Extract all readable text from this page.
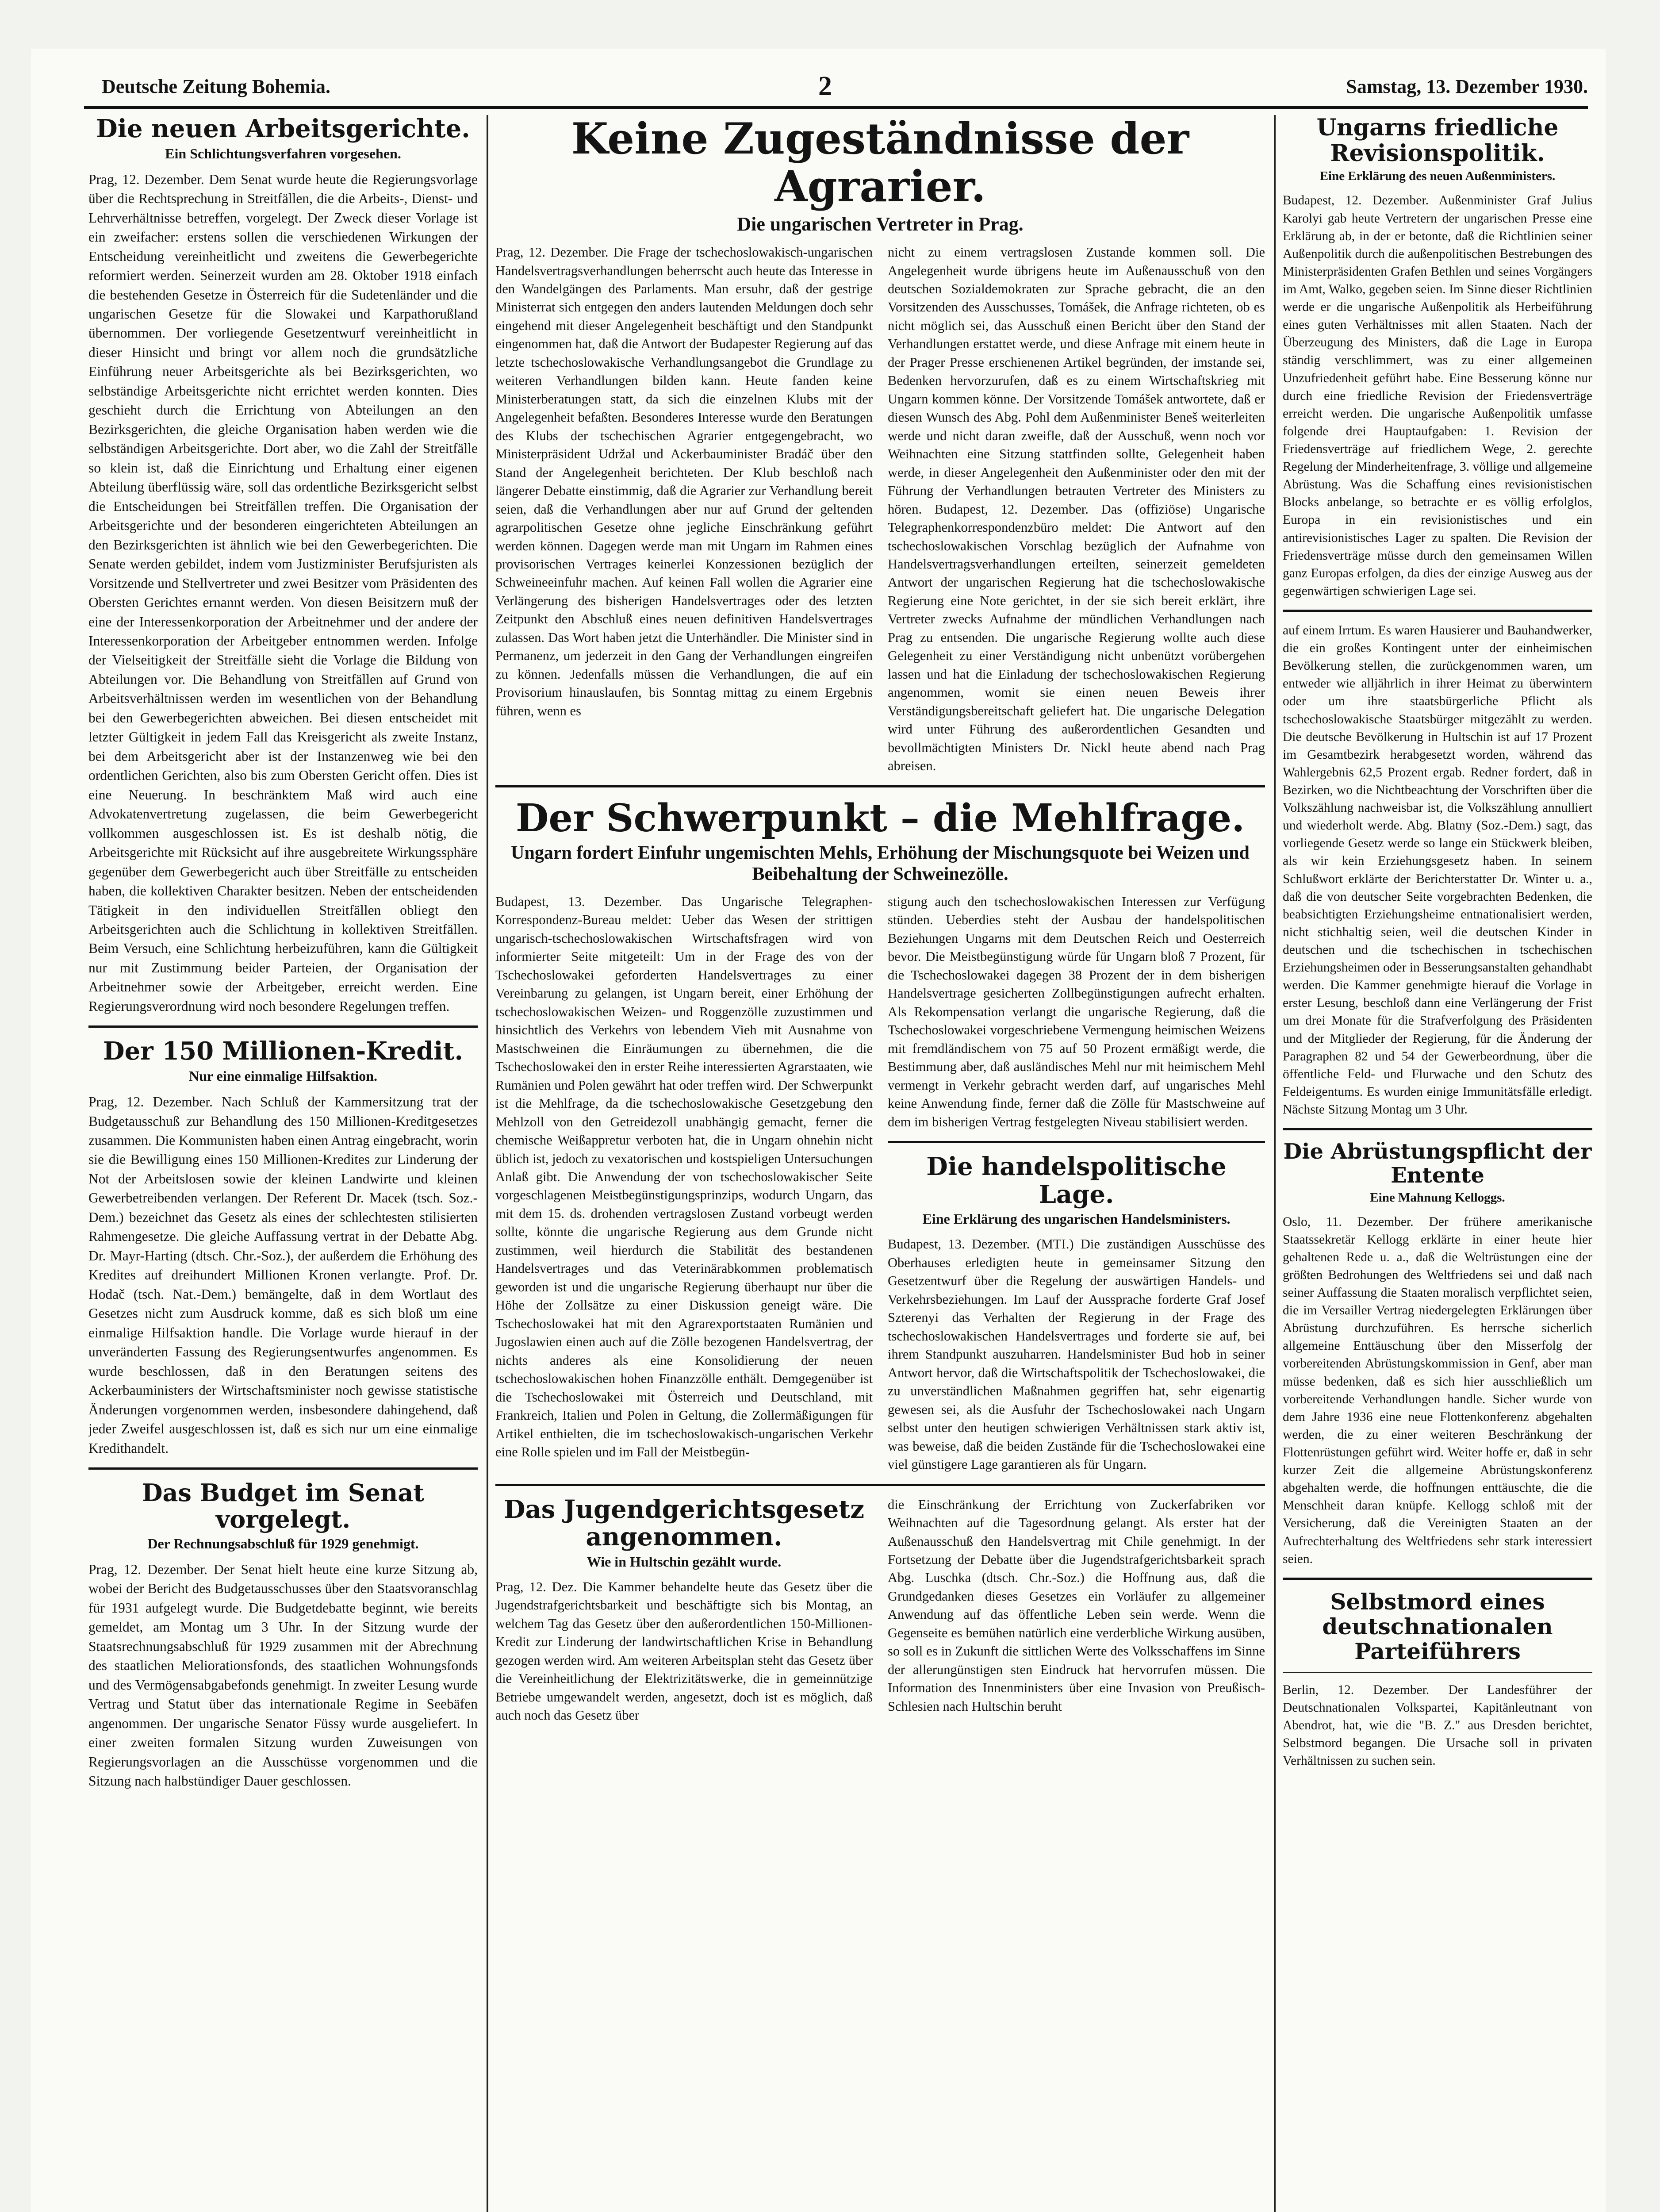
Deutsche Zeitung Bohemia.	2	Samstag, 13. Dezember 1930.
Die neuen Arbeitsgerichte.
Ein Schlichtungsverfahren vorgesehen.

Prag, 12. Dezember. Dem Senat wurde heute die Regierungsvorlage über die Rechtsprechung in Streitfällen, die die Arbeits-, Dienst- und Lehrverhältnisse betreffen, vorgelegt. Der Zweck dieser Vorlage ist ein zweifacher: erstens sollen die verschiedenen Wirkungen der Entscheidung vereinheitlicht und zweitens die Gewerbegerichte reformiert werden. Seinerzeit wurden am 28. Oktober 1918 einfach die bestehenden Gesetze in Österreich für die Sudetenländer und die ungarischen Gesetze für die Slowakei und Karpathorußland übernommen. Der vorliegende Gesetzentwurf vereinheitlicht in dieser Hinsicht und bringt vor allem noch die grundsätzliche Einführung neuer Arbeitsgerichte als bei Bezirksgerichten, wo selbständige Arbeitsgerichte nicht errichtet werden konnten. Dies geschieht durch die Errichtung von Abteilungen an den Bezirksgerichten, die gleiche Organisation haben werden wie die selbständigen Arbeitsgerichte. Dort aber, wo die Zahl der Streitfälle so klein ist, daß die Einrichtung und Erhaltung einer eigenen Abteilung überflüssig wäre, soll das ordentliche Bezirksgericht selbst die Entscheidungen bei Streitfällen treffen. Die Organisation der Arbeitsgerichte und der besonderen eingerichteten Abteilungen an den Bezirksgerichten ist ähnlich wie bei den Gewerbegerichten. Die Senate werden gebildet, indem vom Justizminister Berufsjuristen als Vorsitzende und Stellvertreter und zwei Besitzer vom Präsidenten des Obersten Gerichtes ernannt werden. Von diesen Beisitzern muß der eine der Interessenkorporation der Arbeitnehmer und der andere der Interessenkorporation der Arbeitgeber entnommen werden. Infolge der Vielseitigkeit der Streitfälle sieht die Vorlage die Bildung von Abteilungen vor. Die Behandlung von Streitfällen auf Grund von Arbeitsverhältnissen werden im wesentlichen von der Behandlung bei den Gewerbegerichten abweichen. Bei diesen entscheidet mit letzter Gültigkeit in jedem Fall das Kreisgericht als zweite Instanz, bei dem Arbeitsgericht aber ist der Instanzenweg wie bei den ordentlichen Gerichten, also bis zum Obersten Gericht offen. Dies ist eine Neuerung. In beschränktem Maß wird auch eine Advokatenvertretung zugelassen, die beim Gewerbegericht vollkommen ausgeschlossen ist. Es ist deshalb nötig, die Arbeitsgerichte mit Rücksicht auf ihre ausgebreitete Wirkungssphäre gegenüber dem Gewerbegericht auch über Streitfälle zu entscheiden haben, die kollektiven Charakter besitzen. Neben der entscheidenden Tätigkeit in den individuellen Streitfällen obliegt den Arbeitsgerichten auch die Schlichtung in kollektiven Streitfällen. Beim Versuch, eine Schlichtung herbeizuführen, kann die Gültigkeit nur mit Zustimmung beider Parteien, der Organisation der Arbeitnehmer sowie der Arbeitgeber, erreicht werden. Eine Regierungsverordnung wird noch besondere Regelungen treffen.

Der 150 Millionen-Kredit.
Nur eine einmalige Hilfsaktion.

Prag, 12. Dezember. Nach Schluß der Kammersitzung trat der Budgetausschuß zur Behandlung des 150 Millionen-Kreditgesetzes zusammen. Die Kommunisten haben einen Antrag eingebracht, worin sie die Bewilligung eines 150 Millionen-Kredites zur Linderung der Not der Arbeitslosen sowie der kleinen Landwirte und kleinen Gewerbetreibenden verlangen. Der Referent Dr. Macek (tsch. Soz.-Dem.) bezeichnet das Gesetz als eines der schlechtesten stilisierten Rahmengesetze. Die gleiche Auffassung vertrat in der Debatte Abg. Dr. Mayr-Harting (dtsch. Chr.-Soz.), der außerdem die Erhöhung des Kredites auf dreihundert Millionen Kronen verlangte. Prof. Dr. Hodač (tsch. Nat.-Dem.) bemängelte, daß in dem Wortlaut des Gesetzes nicht zum Ausdruck komme, daß es sich bloß um eine einmalige Hilfsaktion handle. Die Vorlage wurde hierauf in der unveränderten Fassung des Regierungsentwurfes angenommen. Es wurde beschlossen, daß in den Beratungen seitens des Ackerbauministers der Wirtschaftsminister noch gewisse statistische Änderungen vorgenommen werden, insbesondere dahingehend, daß jeder Zweifel ausgeschlossen ist, daß es sich nur um eine einmalige Kredithandelt.

Das Budget im Senat vorgelegt.
Der Rechnungsabschluß für 1929 genehmigt.

Prag, 12. Dezember. Der Senat hielt heute eine kurze Sitzung ab, wobei der Bericht des Budgetausschusses über den Staatsvoranschlag für 1931 aufgelegt wurde. Die Budgetdebatte beginnt, wie bereits gemeldet, am Montag um 3 Uhr. In der Sitzung wurde der Staatsrechnungsabschluß für 1929 zusammen mit der Abrechnung des staatlichen Meliorationsfonds, des staatlichen Wohnungsfonds und des Vermögensabgabefonds genehmigt. In zweiter Lesung wurde Vertrag und Statut über das internationale Regime in Seebäfen angenommen. Der ungarische Senator Füssy wurde ausgeliefert. In einer zweiten formalen Sitzung wurden Zuweisungen von Regierungsvorlagen an die Ausschüsse vorgenommen und die Sitzung nach halbstündiger Dauer geschlossen.

Keine Zugeständnisse der Agrarier.
Die ungarischen Vertreter in Prag.

Prag, 12. Dezember. Die Frage der tschechoslowakisch-ungarischen Handelsvertragsverhandlungen beherrscht auch heute das Interesse in den Wandelgängen des Parlaments. Man ersuhr, daß der gestrige Ministerrat sich entgegen den anders lautenden Meldungen doch sehr eingehend mit dieser Angelegenheit beschäftigt und den Standpunkt eingenommen hat, daß die Antwort der Budapester Regierung auf das letzte tschechoslowakische Verhandlungsangebot die Grundlage zu weiteren Verhandlungen bilden kann. Heute fanden keine Ministerberatungen statt, da sich die einzelnen Klubs mit der Angelegenheit befaßten. Besonderes Interesse wurde den Beratungen des Klubs der tschechischen Agrarier entgegengebracht, wo Ministerpräsident Udržal und Ackerbauminister Bradáč über den Stand der Angelegenheit berichteten. Der Klub beschloß nach längerer Debatte einstimmig, daß die Agrarier zur Verhandlung bereit seien, daß die Verhandlungen aber nur auf Grund der geltenden agrarpolitischen Gesetze ohne jegliche Einschränkung geführt werden können. Dagegen werde man mit Ungarn im Rahmen eines provisorischen Vertrages keinerlei Konzessionen bezüglich der Schweineeinfuhr machen. Auf keinen Fall wollen die Agrarier eine Verlängerung des bisherigen Handelsvertrages oder des letzten Zeitpunkt den Abschluß eines neuen definitiven Handelsvertrages zulassen. Das Wort haben jetzt die Unterhändler. Die Minister sind in Permanenz, um jederzeit in den Gang der Verhandlungen eingreifen zu können. Jedenfalls müssen die Verhandlungen, die auf ein Provisorium hinauslaufen, bis Sonntag mittag zu einem Ergebnis führen, wenn es

nicht zu einem vertragslosen Zustande kommen soll. Die Angelegenheit wurde übrigens heute im Außenausschuß von den deutschen Sozialdemokraten zur Sprache gebracht, die an den Vorsitzenden des Ausschusses, Tomášek, die Anfrage richteten, ob es nicht möglich sei, das Ausschuß einen Bericht über den Stand der Verhandlungen erstattet werde, und diese Anfrage mit einem heute in der Prager Presse erschienenen Artikel begründen, der imstande sei, Bedenken hervorzurufen, daß es zu einem Wirtschaftskrieg mit Ungarn kommen könne. Der Vorsitzende Tomášek antwortete, daß er diesen Wunsch des Abg. Pohl dem Außenminister Beneš weiterleiten werde und nicht daran zweifle, daß der Ausschuß, wenn noch vor Weihnachten eine Sitzung stattfinden sollte, Gelegenheit haben werde, in dieser Angelegenheit den Außenminister oder den mit der Führung der Verhandlungen betrauten Vertreter des Ministers zu hören. Budapest, 12. Dezember. Das (offiziöse) Ungarische Telegraphenkorrespondenzbüro meldet: Die Antwort auf den tschechoslowakischen Vorschlag bezüglich der Aufnahme von Handelsvertragsverhandlungen erteilten, seinerzeit gemeldeten Antwort der ungarischen Regierung hat die tschechoslowakische Regierung eine Note gerichtet, in der sie sich bereit erklärt, ihre Vertreter zwecks Aufnahme der mündlichen Verhandlungen nach Prag zu entsenden. Die ungarische Regierung wollte auch diese Gelegenheit zu einer Verständigung nicht unbenützt vorübergehen lassen und hat die Einladung der tschechoslowakischen Regierung angenommen, womit sie einen neuen Beweis ihrer Verständigungsbereitschaft geliefert hat. Die ungarische Delegation wird unter Führung des außerordentlichen Gesandten und bevollmächtigten Ministers Dr. Nickl heute abend nach Prag abreisen.

Der Schwerpunkt – die Mehlfrage.
Ungarn fordert Einfuhr ungemischten Mehls, Erhöhung der Mischungsquote bei Weizen und Beibehaltung der Schweinezölle.

Budapest, 13. Dezember. Das Ungarische Telegraphen-Korrespondenz-Bureau meldet: Ueber das Wesen der strittigen ungarisch-tschechoslowakischen Wirtschaftsfragen wird von informierter Seite mitgeteilt: Um in der Frage des von der Tschechoslowakei geforderten Handelsvertrages zu einer Vereinbarung zu gelangen, ist Ungarn bereit, einer Erhöhung der tschechoslowakischen Weizen- und Roggenzölle zuzustimmen und hinsichtlich des Verkehrs von lebendem Vieh mit Ausnahme von Mastschweinen die Einräumungen zu übernehmen, die die Tschechoslowakei den in erster Reihe interessierten Agrarstaaten, wie Rumänien und Polen gewährt hat oder treffen wird. Der Schwerpunkt ist die Mehlfrage, da die tschechoslowakische Gesetzgebung den Mehlzoll von den Getreidezoll unabhängig gemacht, ferner die chemische Weißappretur verboten hat, die in Ungarn ohnehin nicht üblich ist, jedoch zu vexatorischen und kostspieligen Untersuchungen Anlaß gibt. Die Anwendung der von tschechoslowakischer Seite vorgeschlagenen Meistbegünstigungsprinzips, wodurch Ungarn, das mit dem 15. ds. drohenden vertragslosen Zustand vorbeugt werden sollte, könnte die ungarische Regierung aus dem Grunde nicht zustimmen, weil hierdurch die Stabilität des bestandenen Handelsvertrages und das Veterinärabkommen problematisch geworden ist und die ungarische Regierung überhaupt nur über die Höhe der Zollsätze zu einer Diskussion geneigt wäre. Die Tschechoslowakei hat mit den Agrarexportstaaten Rumänien und Jugoslawien einen auch auf die Zölle bezogenen Handelsvertrag, der nichts anderes als eine Konsolidierung der neuen tschechoslowakischen hohen Finanzzölle enthält. Demgegenüber ist die Tschechoslowakei mit Österreich und Deutschland, mit Frankreich, Italien und Polen in Geltung, die Zollermäßigungen für Artikel enthielten, die im tschechoslowakisch-ungarischen Verkehr eine Rolle spielen und im Fall der Meistbegün-

stigung auch den tschechoslowakischen Interessen zur Verfügung stünden. Ueberdies steht der Ausbau der handelspolitischen Beziehungen Ungarns mit dem Deutschen Reich und Oesterreich bevor. Die Meistbegünstigung würde für Ungarn bloß 7 Prozent, für die Tschechoslowakei dagegen 38 Prozent der in dem bisherigen Handelsvertrage gesicherten Zollbegünstigungen aufrecht erhalten. Als Rekompensation verlangt die ungarische Regierung, daß die Tschechoslowakei vorgeschriebene Vermengung heimischen Weizens mit fremdländischem von 75 auf 50 Prozent ermäßigt werde, die Bestimmung aber, daß ausländisches Mehl nur mit heimischem Mehl vermengt in Verkehr gebracht werden darf, auf ungarisches Mehl keine Anwendung finde, ferner daß die Zölle für Mastschweine auf dem im bisherigen Vertrag festgelegten Niveau stabilisiert werden.

Die handelspolitische Lage.
Eine Erklärung des ungarischen Handelsministers.

Budapest, 13. Dezember. (MTI.) Die zuständigen Ausschüsse des Oberhauses erledigten heute in gemeinsamer Sitzung den Gesetzentwurf über die Regelung der auswärtigen Handels- und Verkehrsbeziehungen. Im Lauf der Aussprache forderte Graf Josef Szterenyi das Verhalten der Regierung in der Frage des tschechoslowakischen Handelsvertrages und forderte sie auf, bei ihrem Standpunkt auszuharren. Handelsminister Bud hob in seiner Antwort hervor, daß die Wirtschaftspolitik der Tschechoslowakei, die zu unverständlichen Maßnahmen gegriffen hat, sehr eigenartig gewesen sei, als die Ausfuhr der Tschechoslowakei nach Ungarn selbst unter den heutigen schwierigen Verhältnissen stark aktiv ist, was beweise, daß die beiden Zustände für die Tschechoslowakei eine viel günstigere Lage garantieren als für Ungarn.

Das Jugendgerichtsgesetz angenommen.
Wie in Hultschin gezählt wurde.

Prag, 12. Dez. Die Kammer behandelte heute das Gesetz über die Jugendstrafgerichtsbarkeit und beschäftigte sich bis Montag, an welchem Tag das Gesetz über den außerordentlichen 150-Millionen-Kredit zur Linderung der landwirtschaftlichen Krise in Behandlung gezogen werden wird. Am weiteren Arbeitsplan steht das Gesetz über die Vereinheitlichung der Elektrizitätswerke, die in gemeinnützige Betriebe umgewandelt werden, angesetzt, doch ist es möglich, daß auch noch das Gesetz über

die Einschränkung der Errichtung von Zuckerfabriken vor Weihnachten auf die Tagesordnung gelangt. Als erster hat der Außenausschuß den Handelsvertrag mit Chile genehmigt. In der Fortsetzung der Debatte über die Jugendstrafgerichtsbarkeit sprach Abg. Luschka (dtsch. Chr.-Soz.) die Hoffnung aus, daß die Grundgedanken dieses Gesetzes ein Vorläufer zu allgemeiner Anwendung auf das öffentliche Leben sein werde. Wenn die Gegenseite es bemühen natürlich eine verderbliche Wirkung ausüben, so soll es in Zukunft die sittlichen Werte des Volksschaffens im Sinne der allerungünstigen sten Eindruck hat hervorrufen müssen. Die Information des Innenministers über eine Invasion von Preußisch-Schlesien nach Hultschin beruht

Ungarns friedliche Revisionspolitik.
Eine Erklärung des neuen Außenministers.

Budapest, 12. Dezember. Außenminister Graf Julius Karolyi gab heute Vertretern der ungarischen Presse eine Erklärung ab, in der er betonte, daß die Richtlinien seiner Außenpolitik durch die außenpolitischen Bestrebungen des Ministerpräsidenten Grafen Bethlen und seines Vorgängers im Amt, Walko, gegeben seien. Im Sinne dieser Richtlinien werde er die ungarische Außenpolitik als Herbeiführung eines guten Verhältnisses mit allen Staaten. Nach der Überzeugung des Ministers, daß die Lage in Europa ständig verschlimmert, was zu einer allgemeinen Unzufriedenheit geführt habe. Eine Besserung könne nur durch eine friedliche Revision der Friedensverträge erreicht werden. Die ungarische Außenpolitik umfasse folgende drei Hauptaufgaben: 1. Revision der Friedensverträge auf friedlichem Wege, 2. gerechte Regelung der Minderheitenfrage, 3. völlige und allgemeine Abrüstung. Was die Schaffung eines revisionistischen Blocks anbelange, so betrachte er es völlig erfolglos, Europa in ein revisionistisches und ein antirevisionistisches Lager zu spalten. Die Revision der Friedensverträge müsse durch den gemeinsamen Willen ganz Europas erfolgen, da dies der einzige Ausweg aus der gegenwärtigen schwierigen Lage sei.

auf einem Irrtum. Es waren Hausierer und Bauhandwerker, die ein großes Kontingent unter der einheimischen Bevölkerung stellen, die zurückgenommen waren, um entweder wie alljährlich in ihrer Heimat zu überwintern oder um ihre staatsbürgerliche Pflicht als tschechoslowakische Staatsbürger mitgezählt zu werden. Die deutsche Bevölkerung in Hultschin ist auf 17 Prozent im Gesamtbezirk herabgesetzt worden, während das Wahlergebnis 62,5 Prozent ergab. Redner fordert, daß in Bezirken, wo die Nichtbeachtung der Vorschriften über die Volkszählung nachweisbar ist, die Volkszählung annulliert und wiederholt werde. Abg. Blatny (Soz.-Dem.) sagt, das vorliegende Gesetz werde so lange ein Stückwerk bleiben, als wir kein Erziehungsgesetz haben. In seinem Schlußwort erklärte der Berichterstatter Dr. Winter u. a., daß die von deutscher Seite vorgebrachten Bedenken, die beabsichtigten Erziehungsheime entnationalisiert werden, nicht stichhaltig seien, weil die deutschen Kinder in deutschen und die tschechischen in tschechischen Erziehungsheimen oder in Besserungsanstalten gehandhabt werden. Die Kammer genehmigte hierauf die Vorlage in erster Lesung, beschloß dann eine Verlängerung der Frist um drei Monate für die Strafverfolgung des Präsidenten und der Mitglieder der Regierung, für die Änderung der Paragraphen 82 und 54 der Gewerbeordnung, über die öffentliche Feld- und Flurwache und den Schutz des Feldeigentums. Es wurden einige Immunitätsfälle erledigt. Nächste Sitzung Montag um 3 Uhr.

Die Abrüstungspflicht der Entente
Eine Mahnung Kelloggs.

Oslo, 11. Dezember. Der frühere amerikanische Staatssekretär Kellogg erklärte in einer heute hier gehaltenen Rede u. a., daß die Weltrüstungen eine der größten Bedrohungen des Weltfriedens sei und daß nach seiner Auffassung die Staaten moralisch verpflichtet seien, die im Versailler Vertrag niedergelegten Erklärungen über Abrüstung durchzuführen. Es herrsche sicherlich allgemeine Enttäuschung über den Misserfolg der vorbereitenden Abrüstungskommission in Genf, aber man müsse bedenken, daß es sich hier ausschließlich um vorbereitende Verhandlungen handle. Sicher wurde von dem Jahre 1936 eine neue Flottenkonferenz abgehalten werden, die zu einer weiteren Beschränkung der Flottenrüstungen geführt wird. Weiter hoffe er, daß in sehr kurzer Zeit die allgemeine Abrüstungskonferenz abgehalten werde, die hoffnungen enttäuschte, die die Menschheit daran knüpfe. Kellogg schloß mit der Versicherung, daß die Vereinigten Staaten an der Aufrechterhaltung des Weltfriedens sehr stark interessiert seien.

Selbstmord eines deutschnationalen Parteiführers

Berlin, 12. Dezember. Der Landesführer der Deutschnationalen Volkspartei, Kapitänleutnant von Abendrot, hat, wie die "B. Z." aus Dresden berichtet, Selbstmord begangen. Die Ursache soll in privaten Verhältnissen zu suchen sein.
